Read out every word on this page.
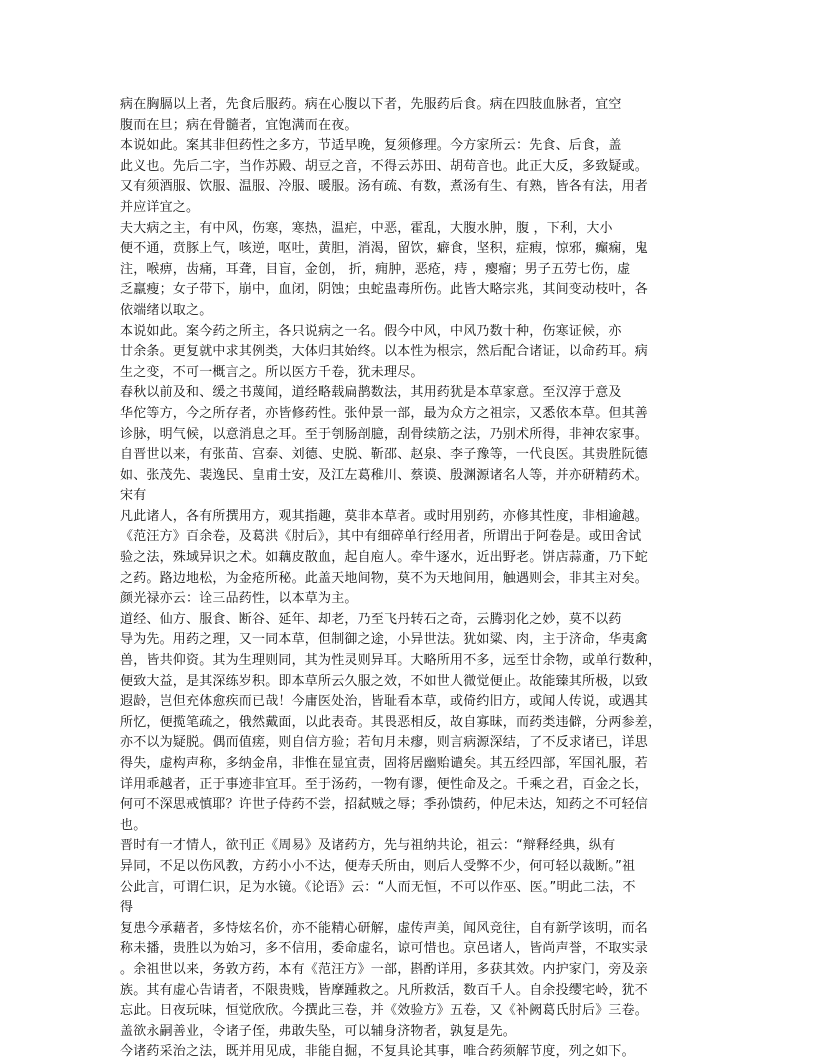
病在胸膈以上者，先食后服药。病在心腹以下者，先服药后食。病在四肢血脉者，宜空
腹而在旦；病在骨髓者，宜饱满而在夜。
本说如此。案其非但药性之多方，节适早晚，复须修理。今方家所云：先食、后食，盖
此义也。先后二字，当作苏殿、胡豆之音，不得云苏田、胡苟音也。此正大反，多致疑或。
又有须酒服、饮服、温服、冷服、暖服。汤有疏、有数，煮汤有生、有熟，皆各有法，用者
并应详宜之。
夫大病之主，有中风，伤寒，寒热，温疟，中恶，霍乱，大腹水肿，腹 ，下利，大小
便不通，贲豚上气，咳逆，呕吐，黄胆，消渴，留饮，癖食，坚积，症瘕，惊邪，癫痫，鬼
注，喉痹，齿痛，耳聋，目盲，金创， 折，痈肿，恶疮，痔 ，瘿瘤；男子五劳七伤，虚
乏羸瘦；女子带下，崩中，血闭，阴蚀；虫蛇蛊毒所伤。此皆大略宗兆，其间变动枝叶，各
依端绪以取之。
本说如此。案今药之所主，各只说病之一名。假今中风，中风乃数十种，伤寒证候，亦
廿余条。更复就中求其例类，大体归其始终。以本性为根宗，然后配合诸证，以命药耳。病
生之变，不可一概言之。所以医方千卷，犹未理尽。
春秋以前及和、缓之书蔑闻，道经略载扁鹊数法，其用药犹是本草家意。至汉淳于意及
华佗等方，今之所存者，亦皆修药性。张仲景一部，最为众方之祖宗，又悉依本草。但其善
诊脉，明气候，以意消息之耳。至于刳肠剖臆，刮骨续筋之法，乃别术所得，非神农家事。
自晋世以来，有张苗、宫泰、刘德、史脱、靳邵、赵泉、李子豫等，一代良医。其贵胜阮德
如、张茂先、裴逸民、皇甫士安，及江左葛稚川、蔡谟、殷渊源诸名人等，并亦研精药术。
宋有
凡此诸人，各有所撰用方，观其指趣，莫非本草者。或时用别药，亦修其性度，非相逾越。
《范汪方》百余卷，及葛洪《肘后》，其中有细碎单行经用者，所谓出于阿卷是。或田舍试
验之法，殊域异识之术。如藕皮散血，起自庖人。牵牛逐水，近出野老。饼店蒜齑，乃下蛇
之药。路边地松，为金疮所秘。此盖天地间物，莫不为天地间用，触遇则会，非其主对矣。
颜光禄亦云：诠三品药性，以本草为主。
道经、仙方、服食、断谷、延年、却老，乃至飞丹转石之奇，云腾羽化之妙，莫不以药
导为先。用药之理，又一同本草，但制御之途，小异世法。犹如粱、肉，主于济命，华夷禽
兽，皆共仰资。其为生理则同，其为性灵则异耳。大略所用不多，远至廿余物，或单行数种，
便致大益，是其深练岁积。即本草所云久服之效，不如世人微觉便止。故能臻其所极，以致
遐龄，岂但充体愈疾而已哉！今庸医处治，皆耻看本草，或倚约旧方，或闻人传说，或遇其
所忆，便揽笔疏之，俄然戴面，以此表奇。其畏恶相反，故自寡昧，而药类违僻，分两参差，
亦不以为疑脱。偶而值瘥，则自信方验；若旬月未瘳，则言病源深结，了不反求诸已，详思
得失，虚构声称，多纳金帛，非惟在显宜责，固将居幽贻谴矣。其五经四部，军国礼服，若
详用乖越者，正于事迹非宜耳。至于汤药，一物有谬，便性命及之。千乘之君，百金之长，
何可不深思戒慎耶？许世子侍药不尝，招弑贼之辱；季孙馈药，仲尼未达，知药之不可轻信
也。
晋时有一才情人，欲刊正《周易》及诸药方，先与祖纳共论，祖云：“辩释经典，纵有
异同，不足以伤风教，方药小小不达，便寿夭所由，则后人受弊不少，何可轻以裁断。”祖
公此言，可谓仁识，足为水镜。《论语》云：“人而无恒，不可以作巫、医。”明此二法，不
得
复患今承藉者，多恃炫名价，亦不能精心研解，虚传声美，闻风竞往，自有新学该明，而名
称未播，贵胜以为始习，多不信用，委命虚名，谅可惜也。京邑诸人，皆尚声誉，不取实录
。余祖世以来，务敦方药，本有《范汪方》一部，斟酌详用，多获其效。内护家门，旁及亲
族。其有虚心告请者，不限贵贱，皆摩踵救之。凡所救活，数百千人。自余投缨宅岭，犹不
忘此。日夜玩味，恒觉欣欣。今撰此三卷，并《效验方》五卷，又《补阙葛氏肘后》三卷。
盖欲永嗣善业，令诸子侄，弗敢失坠，可以辅身济物者，孰复是先。
今诸药采治之法，既并用见成，非能自掘，不复具论其事，唯合药须解节度，列之如下。
